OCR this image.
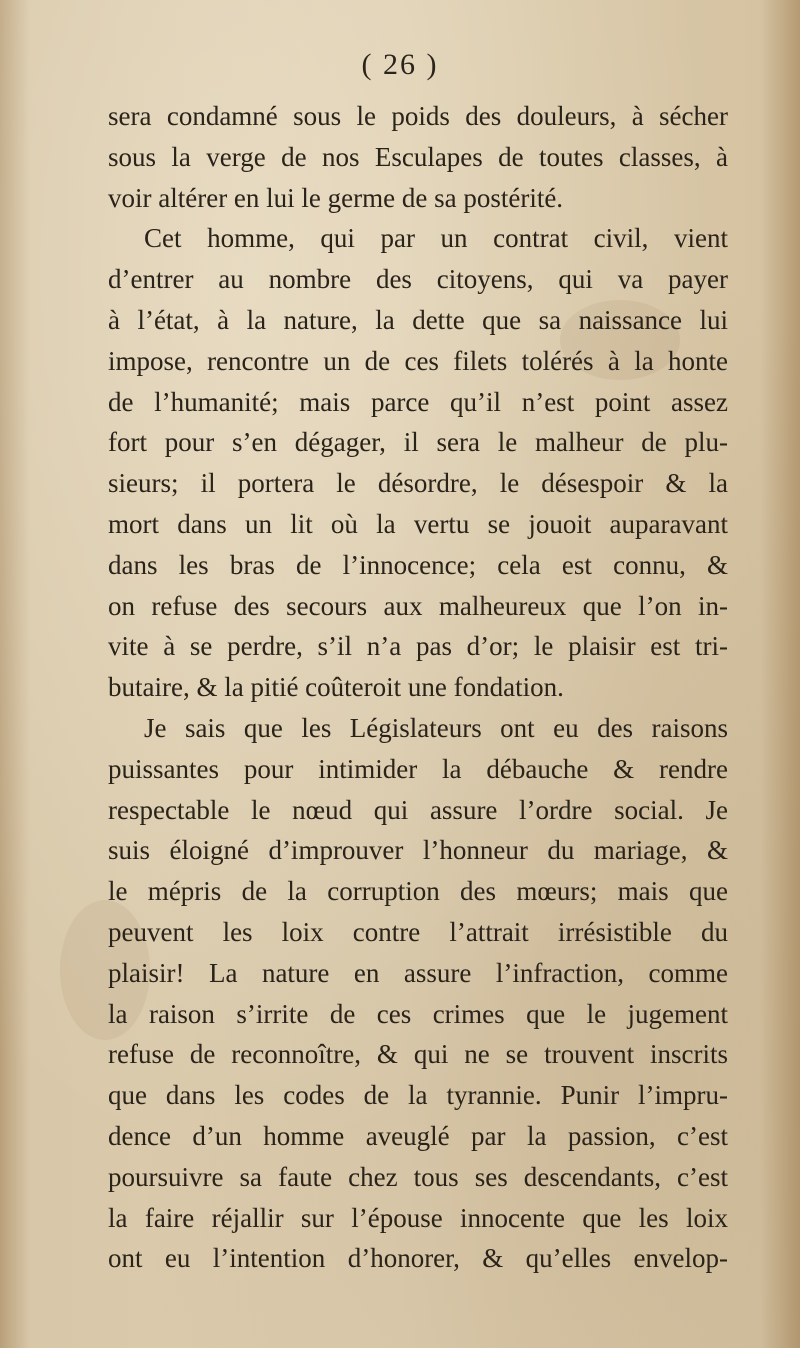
( 26 )
sera condamné sous le poids des douleurs, à sécher
sous la verge de nos Esculapes de toutes classes, à
voir altérer en lui le germe de sa postérité.
Cet homme, qui par un contrat civil, vient
d’entrer au nombre des citoyens, qui va payer
à l’état, à la nature, la dette que sa naissance lui
impose, rencontre un de ces filets tolérés à la honte
de l’humanité; mais parce qu’il n’est point assez
fort pour s’en dégager, il sera le malheur de plu-
sieurs; il portera le désordre, le désespoir & la
mort dans un lit où la vertu se jouoit auparavant
dans les bras de l’innocence; cela est connu, &
on refuse des secours aux malheureux que l’on in-
vite à se perdre, s’il n’a pas d’or; le plaisir est tri-
butaire, & la pitié coûteroit une fondation.
Je sais que les Législateurs ont eu des raisons
puissantes pour intimider la débauche & rendre
respectable le nœud qui assure l’ordre social. Je
suis éloigné d’improuver l’honneur du mariage, &
le mépris de la corruption des mœurs; mais que
peuvent les loix contre l’attrait irrésistible du
plaisir! La nature en assure l’infraction, comme
la raison s’irrite de ces crimes que le jugement
refuse de reconnoître, & qui ne se trouvent inscrits
que dans les codes de la tyrannie. Punir l’impru-
dence d’un homme aveuglé par la passion, c’est
poursuivre sa faute chez tous ses descendants, c’est
la faire réjallir sur l’épouse innocente que les loix
ont eu l’intention d’honorer, & qu’elles envelop-
